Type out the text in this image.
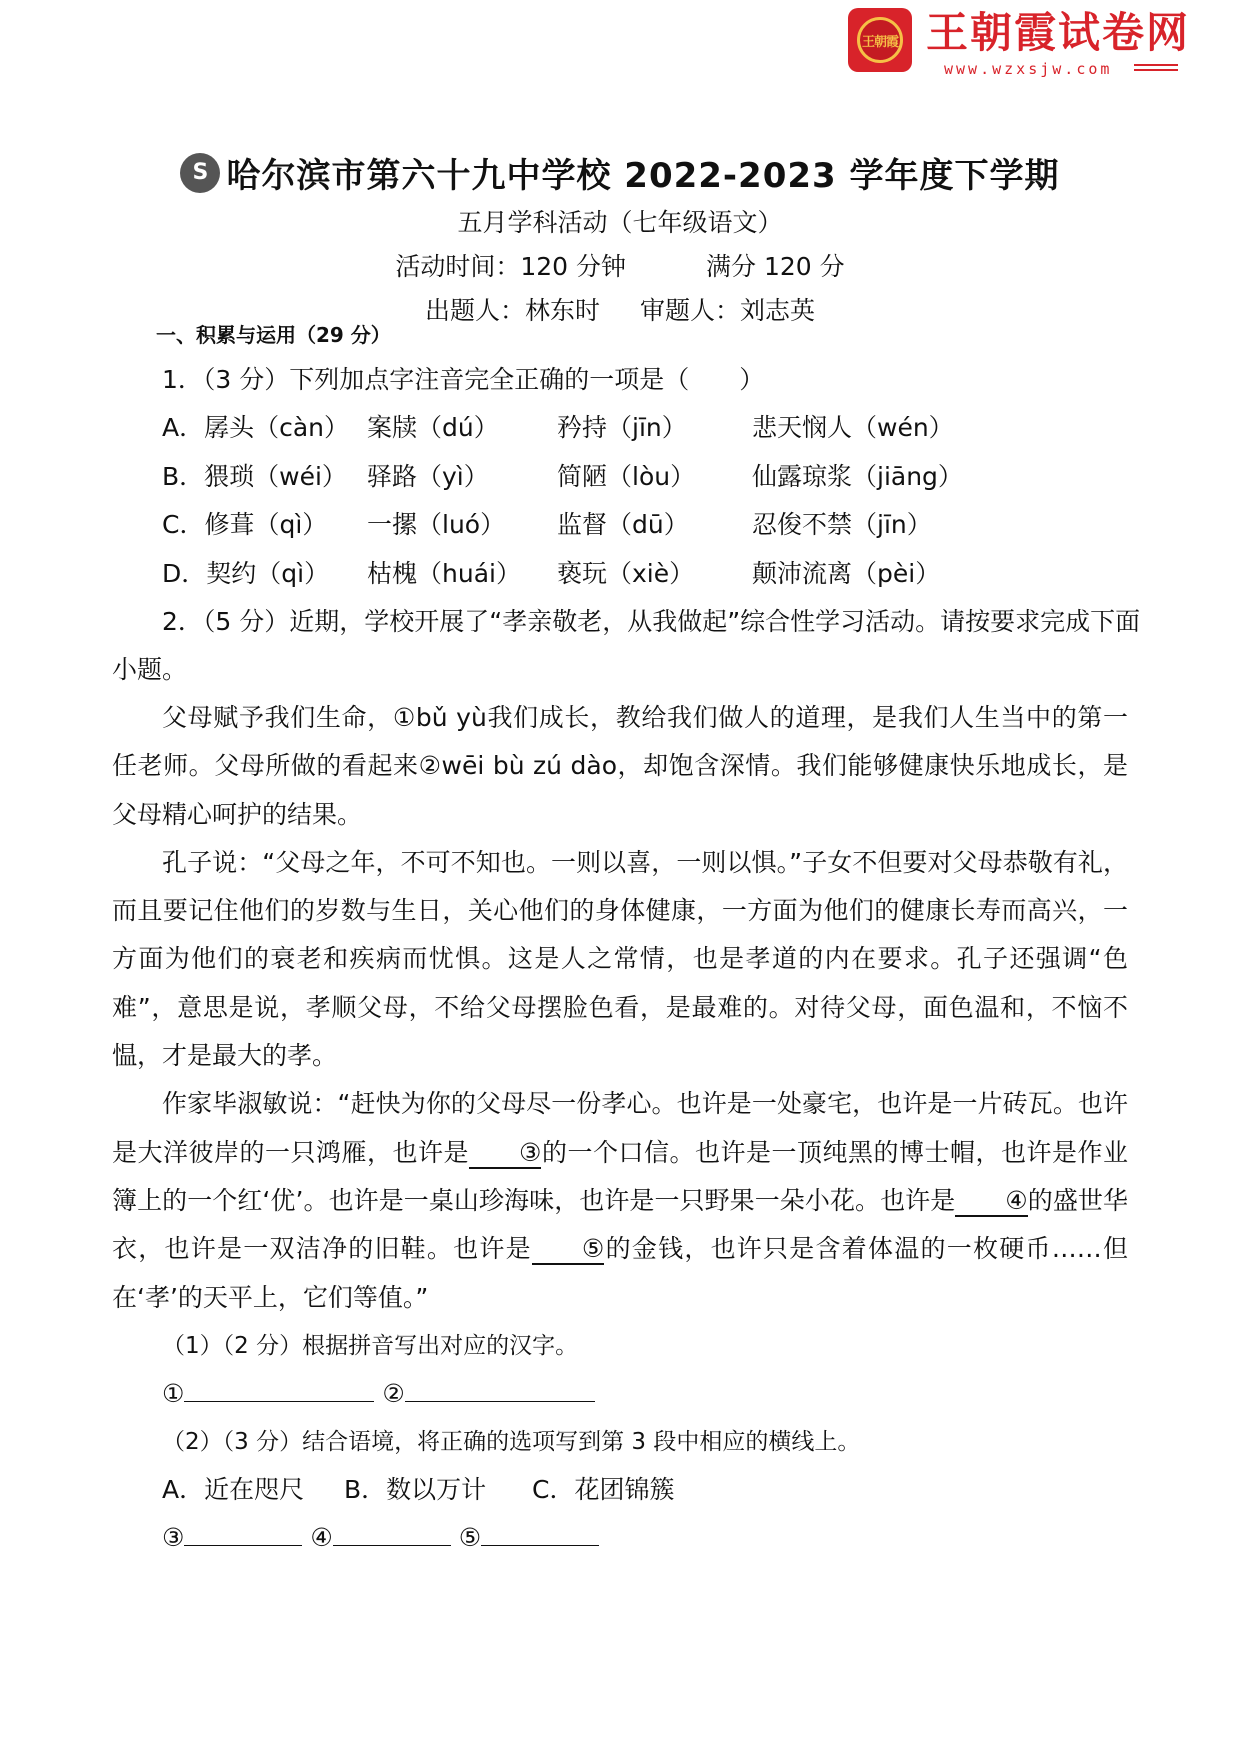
王朝霞 王朝霞试卷网
www.wzxsjw.com
S 哈尔滨市第六十九中学校 2022-2023 学年度下学期
五月学科活动（七年级语文）
活动时间：120 分钟	满分 120 分
出题人：林东时 审题人：刘志英
一、积累与运用（29 分）

1．（3 分）下列加点字注音完全正确的一项是（　　）

A．孱头（càn） 案牍（dú）	矜持（jīn）	悲天悯人（wén）
B．猥琐（wéi） 驿路（yì）	简陋（lòu）	仙露琼浆（jiāng）
C．修葺（qì）	一摞（luó）	监督（dū）	忍俊不禁（jīn）
D．契约（qì）	枯槐（huái）	亵玩（xiè）	颠沛流离（pèi）

2．（5 分）近期，学校开展了“孝亲敬老，从我做起”综合性学习活动。请按要求完成下面

小题。

父母赋予我们生命，①bǔ yù我们成长，教给我们做人的道理，是我们人生当中的第一任老师。父母所做的看起来②wēi bù zú dào，却饱含深情。我们能够健康快乐地成长，是父母精心呵护的结果。

孔子说：“父母之年，不可不知也。一则以喜，一则以惧。”子女不但要对父母恭敬有礼，而且要记住他们的岁数与生日，关心他们的身体健康，一方面为他们的健康长寿而高兴，一方面为他们的衰老和疾病而忧惧。这是人之常情，也是孝道的内在要求。孔子还强调“色难”，意思是说，孝顺父母，不给父母摆脸色看，是最难的。对待父母，面色温和，不恼不愠，才是最大的孝。

作家毕淑敏说：“赶快为你的父母尽一份孝心。也许是一处豪宅，也许是一片砖瓦。也许是大洋彼岸的一只鸿雁，也许是 ③的一个口信。也许是一顶纯黑的博士帽，也许是作业簿上的一个红‘优’。也许是一桌山珍海味，也许是一只野果一朵小花。也许是 ④的盛世华衣，也许是一双洁净的旧鞋。也许是 ⑤的金钱，也许只是含着体温的一枚硬币……但在‘孝’的天平上，它们等值。”

（1）（2 分）根据拼音写出对应的汉字。

①	②

（2）（3 分）结合语境，将正确的选项写到第 3 段中相应的横线上。

A．近在咫尺	B．数以万计	C．花团锦簇

③	④	⑤
